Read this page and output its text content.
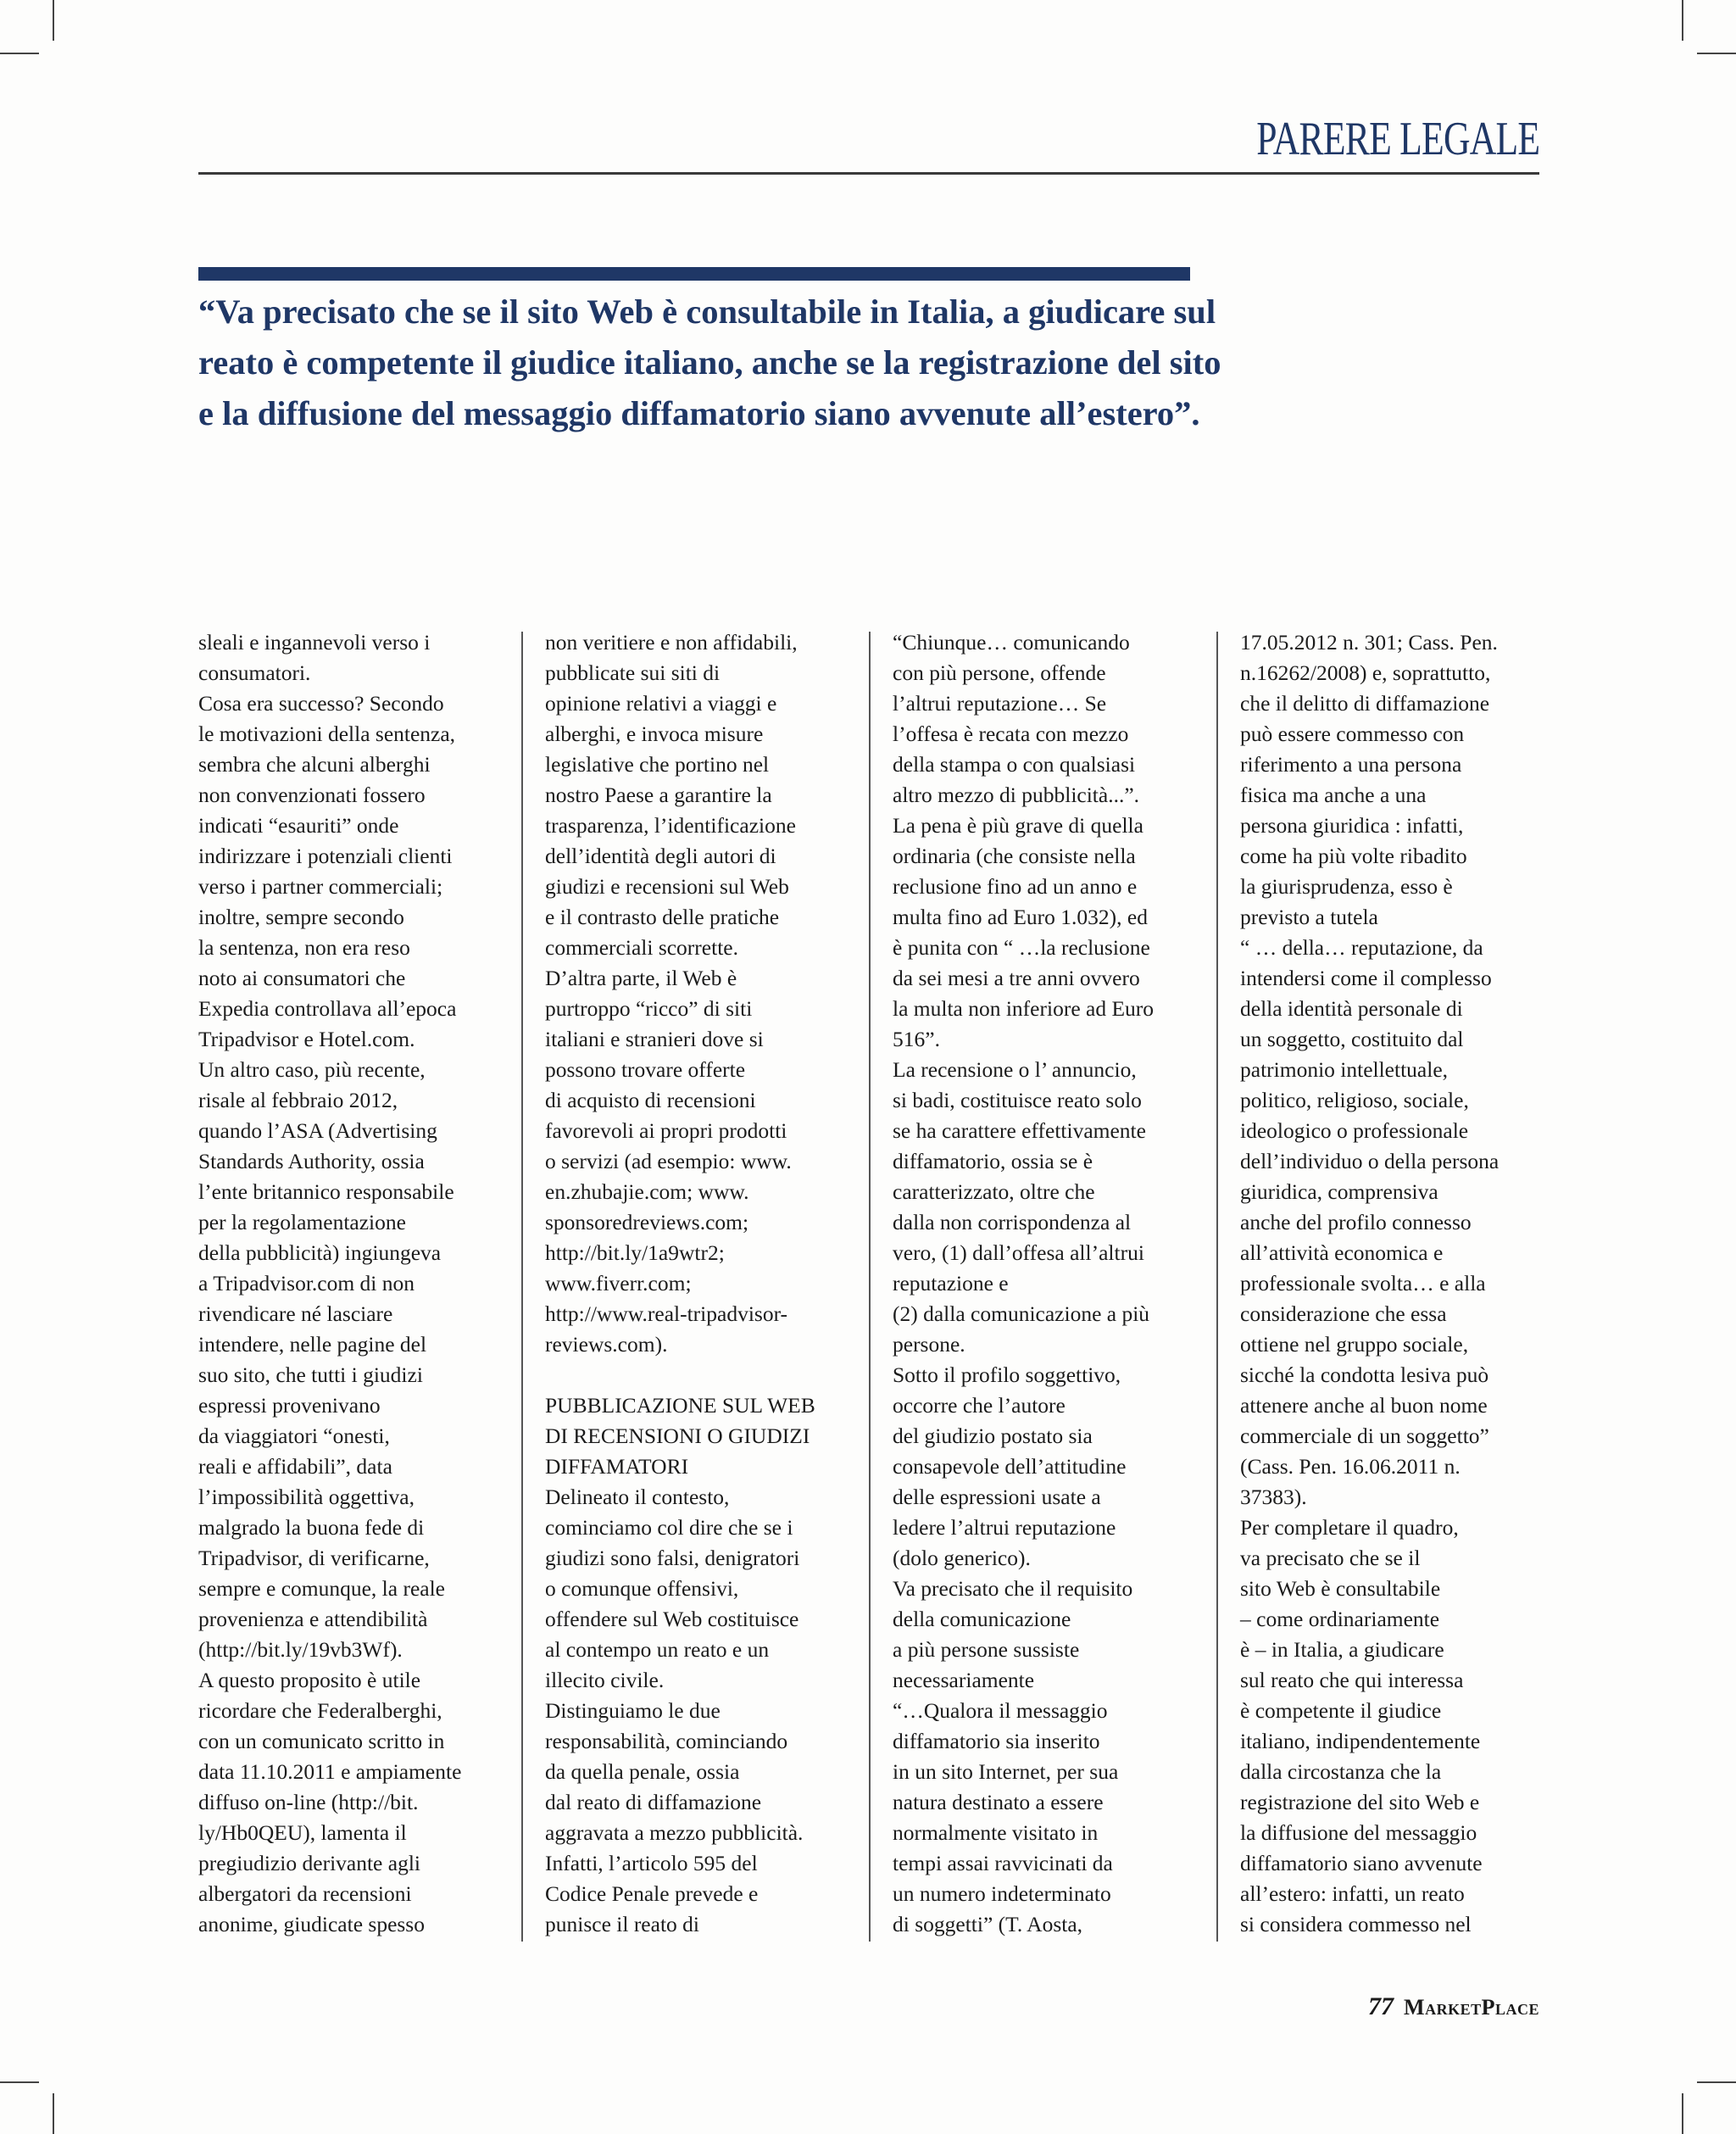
PARERE LEGALE
“Va precisato che se il sito Web è consultabile in Italia, a giudicare sul reato è competente il giudice italiano, anche se la registrazione del sito e la diffusione del messaggio diffamatorio siano avvenute all’estero”.

sleali e ingannevoli verso i
consumatori.
Cosa era successo? Secondo
le motivazioni della sentenza,
sembra che alcuni alberghi
non convenzionati fossero
indicati “esauriti” onde
indirizzare i potenziali clienti
verso i partner commerciali;
inoltre, sempre secondo
la sentenza, non era reso
noto ai consumatori che
Expedia controllava all’epoca
Tripadvisor e Hotel.com.
Un altro caso, più recente,
risale al febbraio 2012,
quando l’ASA (Advertising
Standards Authority, ossia
l’ente britannico responsabile
per la regolamentazione
della pubblicità) ingiungeva
a Tripadvisor.com di non
rivendicare né lasciare
intendere, nelle pagine del
suo sito, che tutti i giudizi
espressi provenivano
da viaggiatori “onesti,
reali e affidabili”, data
l’impossibilità oggettiva,
malgrado la buona fede di
Tripadvisor, di verificarne,
sempre e comunque, la reale
provenienza e attendibilità
(http://bit.ly/19vb3Wf).
A questo proposito è utile
ricordare che Federalberghi,
con un comunicato scritto in
data 11.10.2011 e ampiamente
diffuso on-line (http://bit.
ly/Hb0QEU), lamenta il
pregiudizio derivante agli
albergatori da recensioni
anonime, giudicate spesso

non veritiere e non affidabili,
pubblicate sui siti di
opinione relativi a viaggi e
alberghi, e invoca misure
legislative che portino nel
nostro Paese a garantire la
trasparenza, l’identificazione
dell’identità degli autori di
giudizi e recensioni sul Web
e il contrasto delle pratiche
commerciali scorrette.
D’altra parte, il Web è
purtroppo “ricco” di siti
italiani e stranieri dove si
possono trovare offerte
di acquisto di recensioni
favorevoli ai propri prodotti
o servizi (ad esempio: www.
en.zhubajie.com; www.
sponsoredreviews.com;
http://bit.ly/1a9wtr2;
www.fiverr.com;
http://www.real-tripadvisor-
reviews.com).

PUBBLICAZIONE SUL WEB
DI RECENSIONI O GIUDIZI
DIFFAMATORI

Delineato il contesto,
cominciamo col dire che se i
giudizi sono falsi, denigratori
o comunque offensivi,
offendere sul Web costituisce
al contempo un reato e un
illecito civile.
Distinguiamo le due
responsabilità, cominciando
da quella penale, ossia
dal reato di diffamazione
aggravata a mezzo pubblicità.
Infatti, l’articolo 595 del
Codice Penale prevede e
punisce il reato di

“Chiunque… comunicando
con più persone, offende
l’altrui reputazione… Se
l’offesa è recata con mezzo
della stampa o con qualsiasi
altro mezzo di pubblicità...”.
La pena è più grave di quella
ordinaria (che consiste nella
reclusione fino ad un anno e
multa fino ad Euro 1.032), ed
è punita con “ …la reclusione
da sei mesi a tre anni ovvero
la multa non inferiore ad Euro
516”.
La recensione o l’ annuncio,
si badi, costituisce reato solo
se ha carattere effettivamente
diffamatorio, ossia se è
caratterizzato, oltre che
dalla non corrispondenza al
vero, (1) dall’offesa all’altrui
reputazione e
(2) dalla comunicazione a più
persone.
Sotto il profilo soggettivo,
occorre che l’autore
del giudizio postato sia
consapevole dell’attitudine
delle espressioni usate a
ledere l’altrui reputazione
(dolo generico).
Va precisato che il requisito
della comunicazione
a più persone sussiste
necessariamente
“…Qualora il messaggio
diffamatorio sia inserito
in un sito Internet, per sua
natura destinato a essere
normalmente visitato in
tempi assai ravvicinati da
un numero indeterminato
di soggetti” (T. Aosta,

17.05.2012 n. 301; Cass. Pen.
n.16262/2008) e, soprattutto,
che il delitto di diffamazione
può essere commesso con
riferimento a una persona
fisica ma anche a una
persona giuridica : infatti,
come ha più volte ribadito
la giurisprudenza, esso è
previsto a tutela
“ … della… reputazione, da
intendersi come il complesso
della identità personale di
un soggetto, costituito dal
patrimonio intellettuale,
politico, religioso, sociale,
ideologico o professionale
dell’individuo o della persona
giuridica, comprensiva
anche del profilo connesso
all’attività economica e
professionale svolta… e alla
considerazione che essa
ottiene nel gruppo sociale,
sicché la condotta lesiva può
attenere anche al buon nome
commerciale di un soggetto”
(Cass. Pen. 16.06.2011 n.
37383).
Per completare il quadro,
va precisato che se il
sito Web è consultabile
– come ordinariamente
è – in Italia, a giudicare
sul reato che qui interessa
è competente il giudice
italiano, indipendentemente
dalla circostanza che la
registrazione del sito Web e
la diffusione del messaggio
diffamatorio siano avvenute
all’estero: infatti, un reato
si considera commesso nel

77 MarketPlace
